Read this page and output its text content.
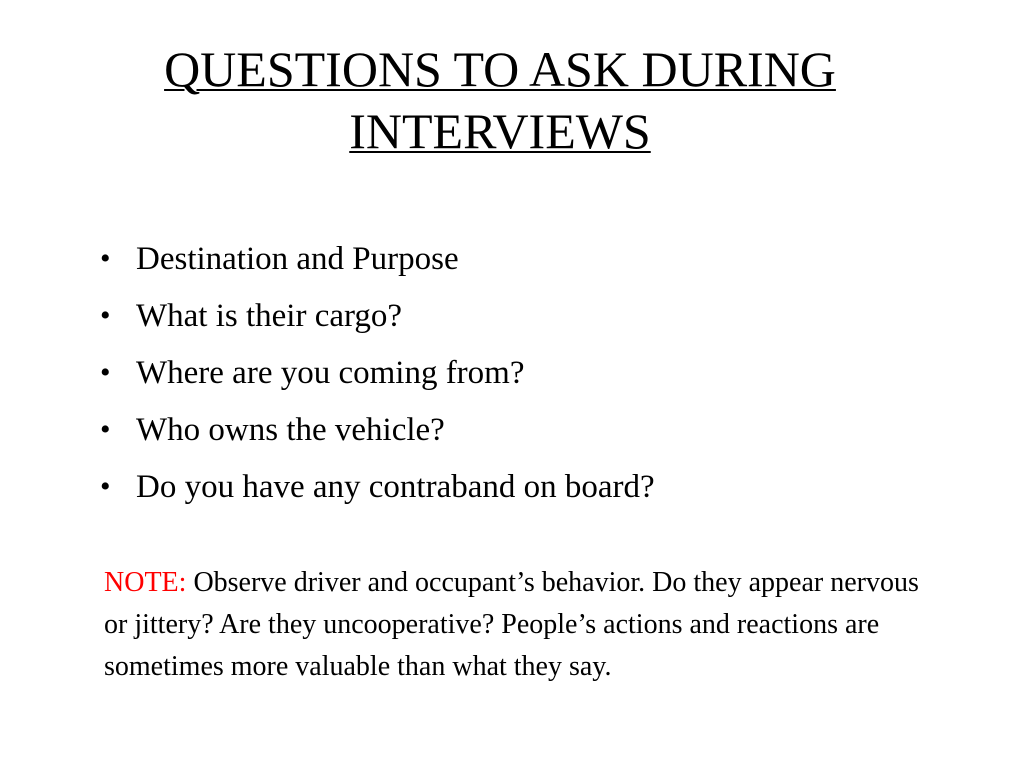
QUESTIONS TO ASK DURING
INTERVIEWS
• Destination and Purpose
• What is their cargo?
• Where are you coming from?
• Who owns the vehicle?
• Do you have any contraband on board?

NOTE: Observe driver and occupant’s behavior. Do they appear nervous or jittery? Are they uncooperative? People’s actions and reactions are sometimes more valuable than what they say.
